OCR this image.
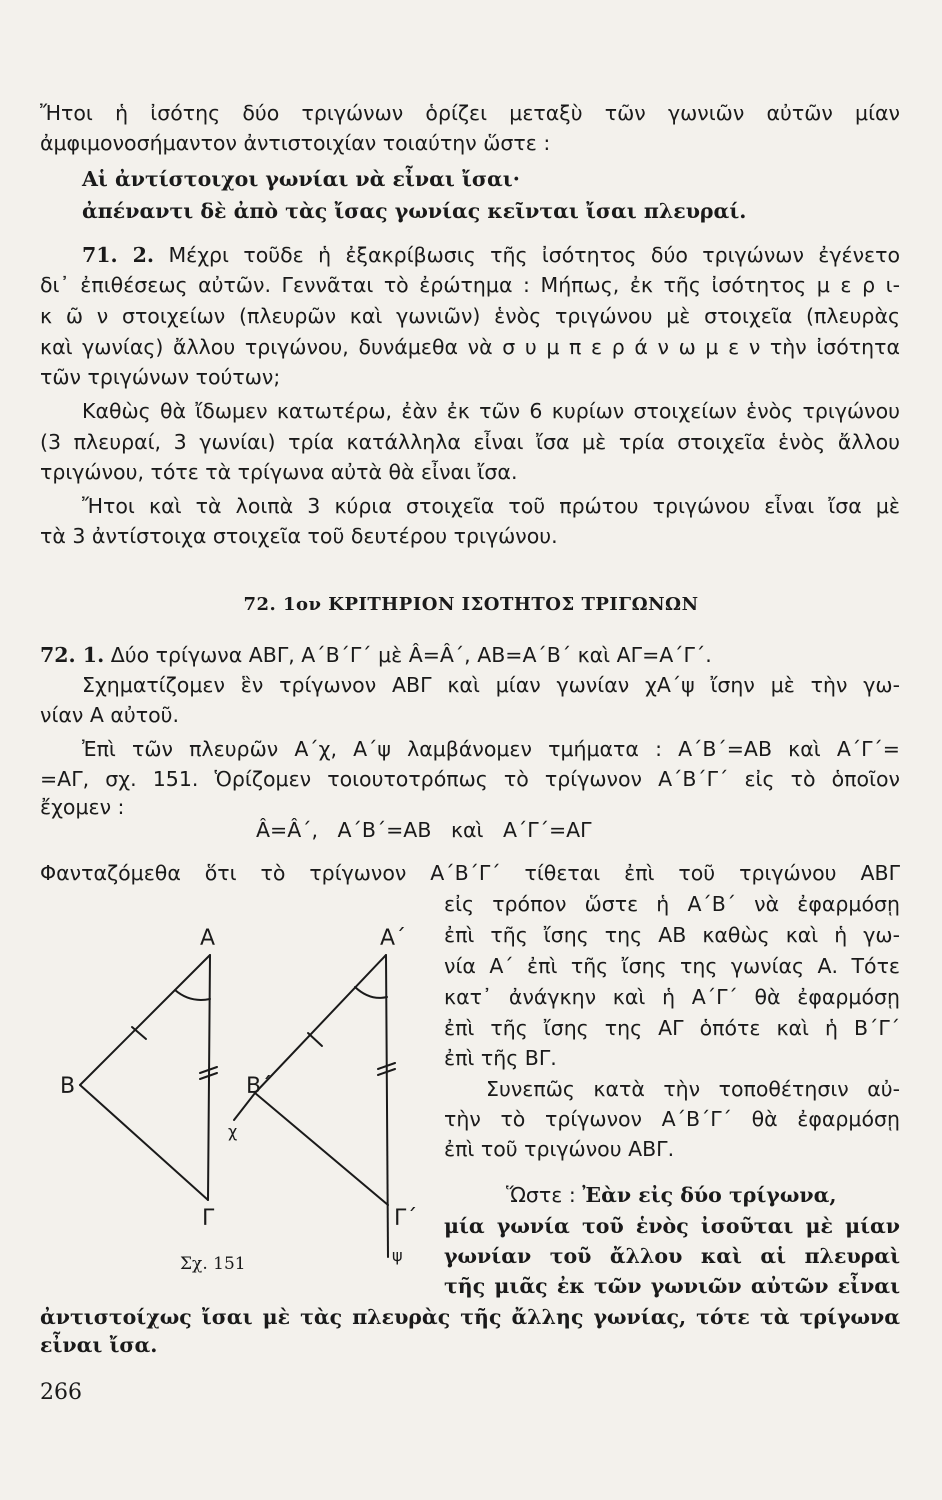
Ἤτοι ἡ ἰσότης δύο τριγώνων ὁρίζει μεταξὺ τῶν γωνιῶν αὐτῶν μίαν
ἀμφιμονοσήμαντον ἀντιστοιχίαν τοιαύτην ὥστε :
Αἱ ἀντίστοιχοι γωνίαι νὰ εἶναι ἴσαι·
ἀπέναντι δὲ ἀπὸ τὰς ἴσας γωνίας κεῖνται ἴσαι πλευραί.
71. 2. Μέχρι τοῦδε ἡ ἐξακρίβωσις τῆς ἰσότητος δύο τριγώνων ἐγένετο
δι᾽ ἐπιθέσεως αὐτῶν. Γεννᾶται τὸ ἐρώτημα : Μήπως, ἐκ τῆς ἰσότητος μ ε ρ ι-
κ ῶ ν στοιχείων (πλευρῶν καὶ γωνιῶν) ἑνὸς τριγώνου μὲ στοιχεῖα (πλευρὰς
καὶ γωνίας) ἄλλου τριγώνου, δυνάμεθα νὰ σ υ μ π ε ρ ά ν ω μ ε ν τὴν ἰσότητα
τῶν τριγώνων τούτων;
Καθὼς θὰ ἴδωμεν κατωτέρω, ἐὰν ἐκ τῶν 6 κυρίων στοιχείων ἑνὸς τριγώνου
(3 πλευραί, 3 γωνίαι) τρία κατάλληλα εἶναι ἴσα μὲ τρία στοιχεῖα ἑνὸς ἄλλου
τριγώνου, τότε τὰ τρίγωνα αὐτὰ θὰ εἶναι ἴσα.
Ἤτοι καὶ τὰ λοιπὰ 3 κύρια στοιχεῖα τοῦ πρώτου τριγώνου εἶναι ἴσα μὲ
τὰ 3 ἀντίστοιχα στοιχεῖα τοῦ δευτέρου τριγώνου.
72. 1ον ΚΡΙΤΗΡΙΟΝ ΙΣΟΤΗΤΟΣ ΤΡΙΓΩΝΩΝ
72. 1. Δύο τρίγωνα ΑΒΓ, Α΄Β΄Γ΄ μὲ Â=Â΄, ΑΒ=Α΄Β΄ καὶ ΑΓ=Α΄Γ΄.
Σχηματίζομεν ἓν τρίγωνον ΑΒΓ καὶ μίαν γωνίαν χΑ΄ψ ἴσην μὲ τὴν γω-
νίαν Α αὐτοῦ.
Ἐπὶ τῶν πλευρῶν Α΄χ, Α΄ψ λαμβάνομεν τμήματα : Α΄Β΄=ΑΒ καὶ Α΄Γ΄=
=ΑΓ, σχ. 151. Ὁρίζομεν τοιουτοτρόπως τὸ τρίγωνον Α΄Β΄Γ΄ εἰς τὸ ὁποῖον
ἔχομεν :
Â=Â΄,   Α΄Β΄=ΑΒ   καὶ   Α΄Γ΄=ΑΓ
Φανταζόμεθα ὅτι τὸ τρίγωνον Α΄Β΄Γ΄ τίθεται ἐπὶ τοῦ τριγώνου ΑΒΓ
εἰς τρόπον ὥστε ἡ Α΄Β΄ νὰ ἐφαρμόσῃ
ἐπὶ τῆς ἴσης της ΑΒ καθὼς καὶ ἡ γω-
νία Α΄ ἐπὶ τῆς ἴσης της γωνίας Α. Τότε
κατ᾽ ἀνάγκην καὶ ἡ Α΄Γ΄ θὰ ἐφαρμόσῃ
ἐπὶ τῆς ἴσης της ΑΓ ὁπότε καὶ ἡ Β΄Γ΄
ἐπὶ τῆς ΒΓ.
Συνεπῶς κατὰ τὴν τοποθέτησιν αὐ-
τὴν τὸ τρίγωνον Α΄Β΄Γ΄ θὰ ἐφαρμόσῃ
ἐπὶ τοῦ τριγώνου ΑΒΓ.
Ὥστε : Ἐὰν εἰς δύο τρίγωνα,
μία γωνία τοῦ ἑνὸς ἰσοῦται μὲ μίαν
γωνίαν τοῦ ἄλλου καὶ αἱ πλευραὶ
τῆς μιᾶς ἐκ τῶν γωνιῶν αὐτῶν εἶναι
ἀντιστοίχως ἴσαι μὲ τὰς πλευρὰς τῆς ἄλλης γωνίας, τότε τὰ τρίγωνα
εἶναι ἴσα.
Α
Β
Γ
Α΄
Β΄
Γ΄
χ
ψ
Σχ. 151
266
